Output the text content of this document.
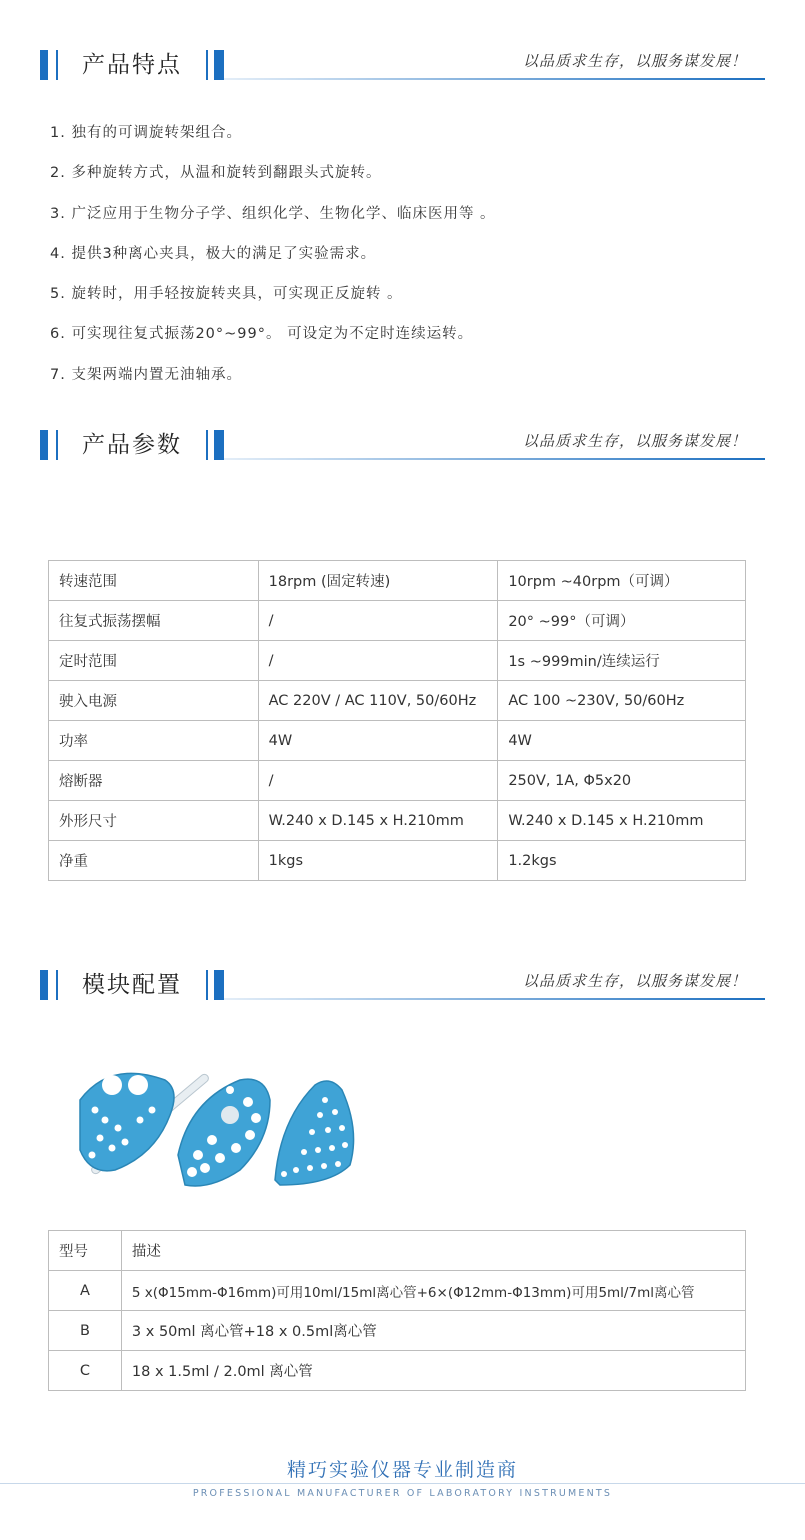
产品特点	以品质求生存，以服务谋发展！
1. 独有的可调旋转架组合。
2. 多种旋转方式，从温和旋转到翻跟头式旋转。
3. 广泛应用于生物分子学、组织化学、生物化学、临床医用等 。
4. 提供3种离心夹具，极大的满足了实验需求。
5. 旋转时，用手轻按旋转夹具，可实现正反旋转 。
6. 可实现往复式振荡20°~99°。 可设定为不定时连续运转。
7. 支架两端内置无油轴承。
产品参数	以品质求生存，以服务谋发展！
转速范围	18rpm (固定转速)	10rpm ~40rpm（可调）
往复式振荡摆幅	/	20° ~99°（可调）
定时范围	/	1s ~999min/连续运行
驶入电源	AC 220V / AC 110V, 50/60Hz	AC 100 ~230V, 50/60Hz
功率	4W	4W
熔断器	/	250V, 1A, Φ5x20
外形尺寸	W.240 x D.145 x H.210mm	W.240 x D.145 x H.210mm
净重	1kgs	1.2kgs
模块配置	以品质求生存，以服务谋发展！
型号	描述
A	5 x(Φ15mm-Φ16mm)可用10ml/15ml离心管+6×(Φ12mm-Φ13mm)可用5ml/7ml离心管
B	3 x 50ml 离心管+18 x 0.5ml离心管
C	18 x 1.5ml / 2.0ml 离心管
精巧实验仪器专业制造商
PROFESSIONAL MANUFACTURER OF LABORATORY INSTRUMENTS
